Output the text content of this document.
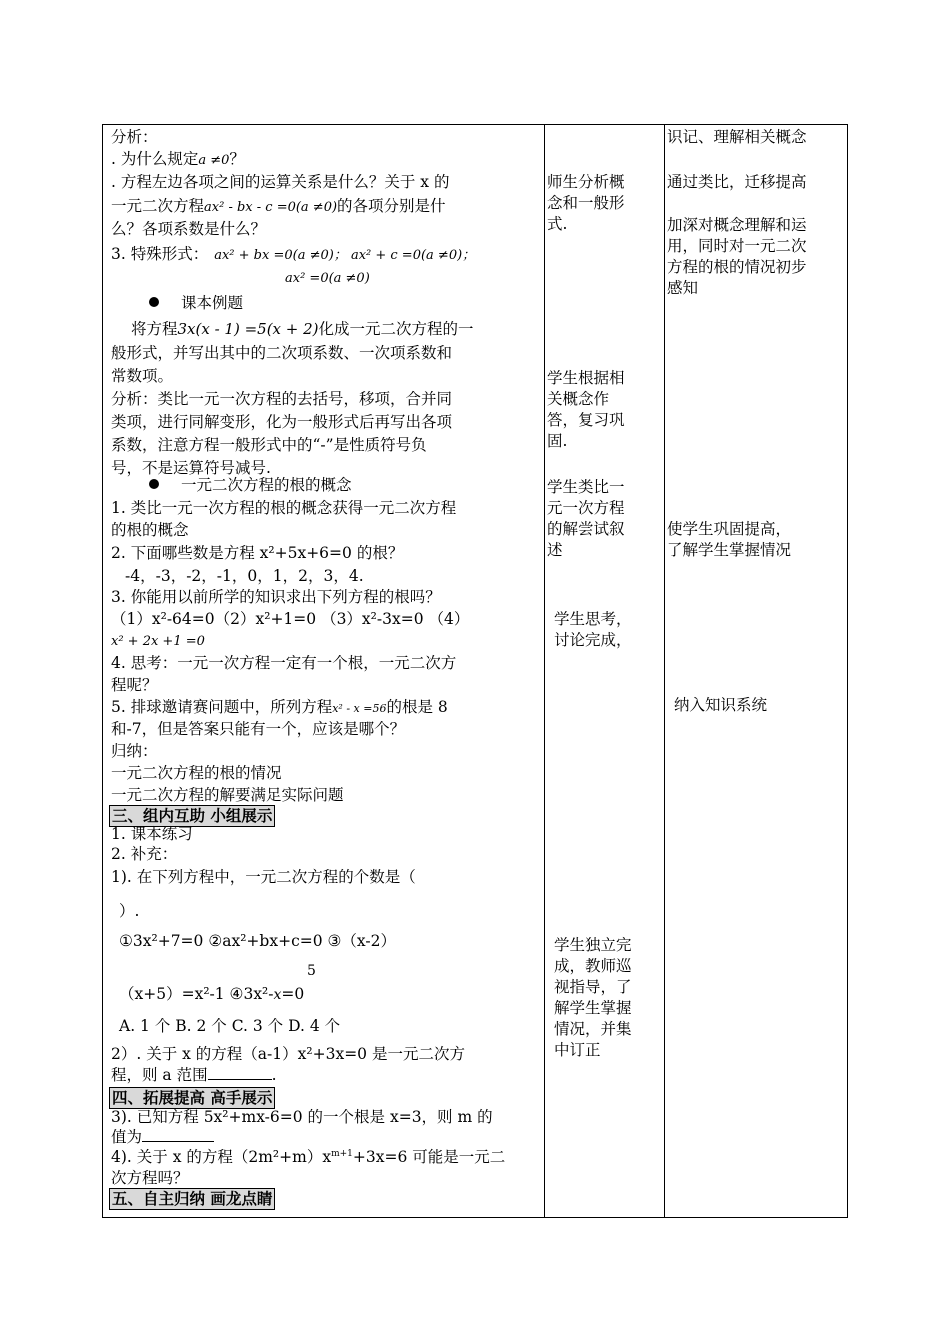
分析：
. 为什么规定a ≠0？
. 方程左边各项之间的运算关系是什么？关于 x 的
一元二次方程ax² - bx - c =0(a ≠0)的各项分别是什
么？各项系数是什么？
3. 特殊形式： ax² + bx =0(a ≠0)； ax² + c =0(a ≠0)；
ax² =0(a ≠0)
课本例题
将方程3x(x - 1) =5(x + 2)化成一元二次方程的一
般形式，并写出其中的二次项系数、一次项系数和
常数项。
分析：类比一元一次方程的去括号，移项，合并同
类项，进行同解变形，化为一般形式后再写出各项
系数，注意方程一般形式中的“-”是性质符号负
号，不是运算符号减号.
一元二次方程的根的概念
1. 类比一元一次方程的根的概念获得一元二次方程
的根的概念
2. 下面哪些数是方程 x²+5x+6=0 的根？
-4，-3，-2，-1，0，1，2，3，4.
3. 你能用以前所学的知识求出下列方程的根吗？
（1）x²-64=0（2）x²+1=0 （3）x²-3x=0 （4）
x² + 2x +1 =0
4. 思考：一元一次方程一定有一个根，一元二次方
程呢？
5. 排球邀请赛问题中，所列方程x² - x =56的根是 8
和-7，但是答案只能有一个，应该是哪个？
归纳：
一元二次方程的根的情况
一元二次方程的解要满足实际问题
三、组内互助 小组展示
1. 课本练习
2. 补充：
1). 在下列方程中，一元二次方程的个数是（
）.
①3x²+7=0 ②ax²+bx+c=0 ③（x-2）
5
（x+5）=x²-1 ④3x²-x=0
A. 1 个 B. 2 个 C. 3 个 D. 4 个
2）. 关于 x 的方程（a-1）x²+3x=0 是一元二次方
程，则 a 范围	.
四、拓展提高 高手展示
3). 已知方程 5x²+mx-6=0 的一个根是 x=3，则 m 的
值为
4). 关于 x 的方程$(2m^2+m)x^{m+1}+3x=6$ 可能是一元二
次方程吗？
五、自主归纳 画龙点睛
师生分析概
念和一般形
式.
学生根据相
关概念作
答，复习巩
固.
学生类比一
元一次方程
的解尝试叙
述
学生思考，
讨论完成，
学生独立完
成，教师巡
视指导，了
解学生掌握
情况，并集
中订正
识记、理解相关概念
通过类比，迁移提高
加深对概念理解和运
用，同时对一元二次
方程的根的情况初步
感知
使学生巩固提高，
了解学生掌握情况
纳入知识系统
